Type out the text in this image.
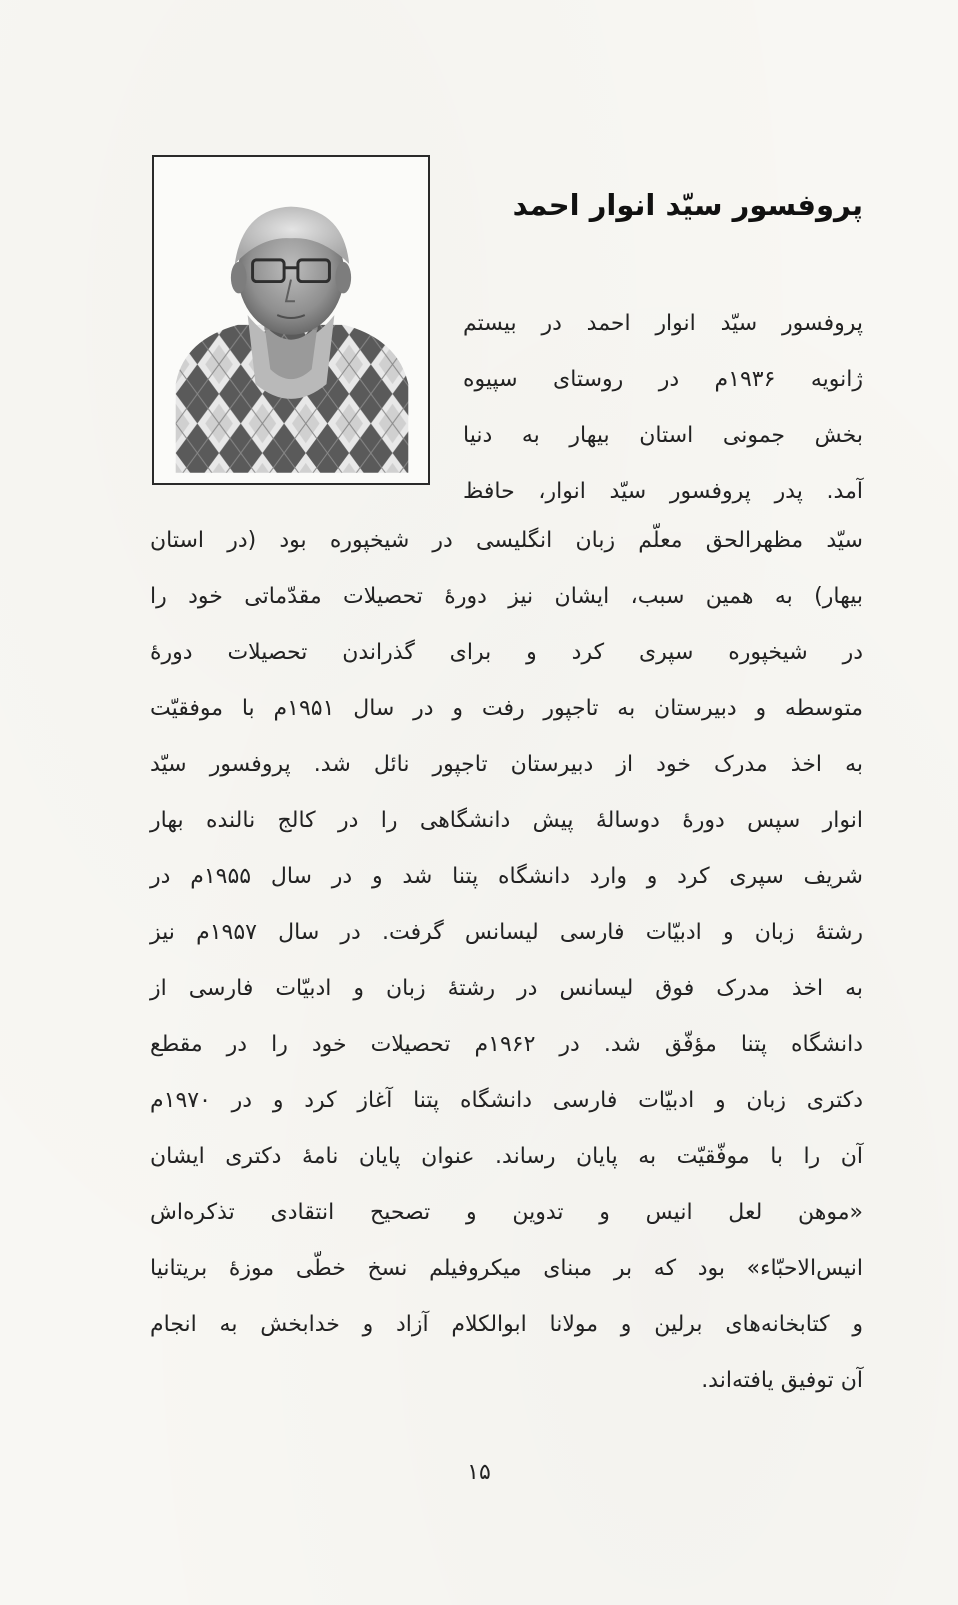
پروفسور سیّد انوار احمد
پروفسور سیّد انوار احمد در بیستم
ژانویه ۱۹۳۶م در روستای سپیوه
بخش جمونی استان بیهار به دنیا
آمد. پدر پروفسور سیّد انوار، حافظ
سیّد مظهرالحق معلّم زبان انگلیسی در شیخپوره بود (در استان
بیهار) به همین سبب، ایشان نیز دورهٔ تحصیلات مقدّماتی خود را
در شیخپوره سپری کرد و برای گذراندن تحصیلات دورهٔ
متوسطه و دبیرستان به تاجپور رفت و در سال ۱۹۵۱م با موفقیّت
به اخذ مدرک خود از دبیرستان تاجپور نائل شد. پروفسور سیّد
انوار سپس دورهٔ دوسالهٔ پیش دانشگاهی را در کالج نالنده بهار
شریف سپری کرد و وارد دانشگاه پتنا شد و در سال ۱۹۵۵م در
رشتهٔ زبان و ادبیّات فارسی لیسانس گرفت. در سال ۱۹۵۷م نیز
به اخذ مدرک فوق لیسانس در رشتهٔ زبان و ادبیّات فارسی از
دانشگاه پتنا مؤفّق شد. در ۱۹۶۲م تحصیلات خود را در مقطع
دکتری زبان و ادبیّات فارسی دانشگاه پتنا آغاز کرد و در ۱۹۷۰م
آن را با موفّقیّت به پایان رساند. عنوان پایان نامهٔ دکتری ایشان
«موهن لعل انیس و تدوین و تصحیح انتقادی تذکره‌اش
انیس‌الاحبّاء» بود که بر مبنای میکروفیلم نسخ خطّی موزهٔ بریتانیا
و کتابخانه‌های برلین و مولانا ابوالکلام آزاد و خدابخش به انجام
آن توفیق یافته‌اند.
۱۵
